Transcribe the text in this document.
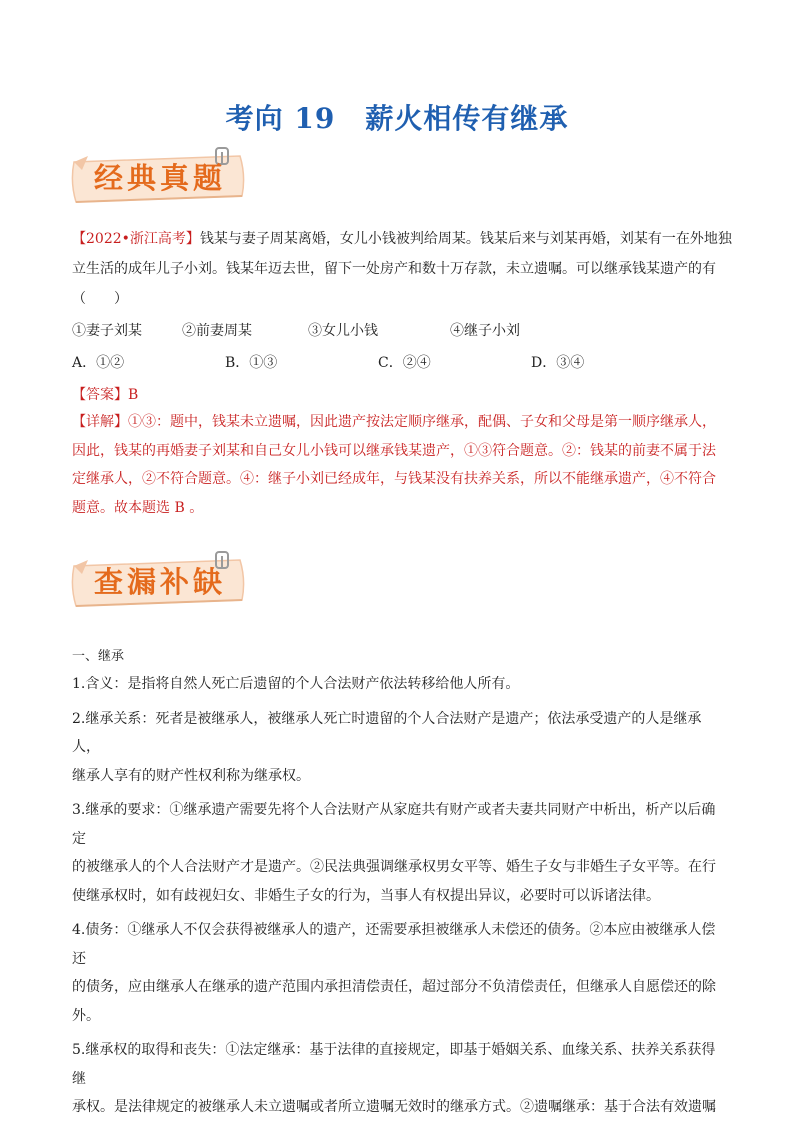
考向 19 薪火相传有继承
经典真题
【2022•浙江高考】钱某与妻子周某离婚，女儿小钱被判给周某。钱某后来与刘某再婚，刘某有一在外地独
立生活的成年儿子小刘。钱某年迈去世，留下一处房产和数十万存款，未立遗嘱。可以继承钱某遗产的有
（　　）
①妻子刘某	②前妻周某	③女儿小钱	④继子小刘
A．①②	B．①③	C．②④	D．③④
【答案】B
【详解】①③：题中，钱某未立遗嘱，因此遗产按法定顺序继承，配偶、子女和父母是第一顺序继承人，
因此，钱某的再婚妻子刘某和自己女儿小钱可以继承钱某遗产，①③符合题意。②：钱某的前妻不属于法
定继承人，②不符合题意。④：继子小刘已经成年，与钱某没有扶养关系，所以不能继承遗产，④不符合
题意。故本题选 B 。
查漏补缺
一、继承
1.含义：是指将自然人死亡后遗留的个人合法财产依法转移给他人所有。
2.继承关系：死者是被继承人，被继承人死亡时遗留的个人合法财产是遗产；依法承受遗产的人是继承人，
继承人享有的财产性权利称为继承权。
3.继承的要求：①继承遗产需要先将个人合法财产从家庭共有财产或者夫妻共同财产中析出，析产以后确定
的被继承人的个人合法财产才是遗产。②民法典强调继承权男女平等、婚生子女与非婚生子女平等。在行
使继承权时，如有歧视妇女、非婚生子女的行为，当事人有权提出异议，必要时可以诉诸法律。
4.债务：①继承人不仅会获得被继承人的遗产，还需要承担被继承人未偿还的债务。②本应由被继承人偿还
的债务，应由继承人在继承的遗产范围内承担清偿责任，超过部分不负清偿责任，但继承人自愿偿还的除
外。
5.继承权的取得和丧失：①法定继承：基于法律的直接规定，即基于婚姻关系、血缘关系、扶养关系获得继
承权。是法律规定的被继承人未立遗嘱或者所立遗嘱无效时的继承方式。②遗嘱继承：基于合法有效遗嘱
